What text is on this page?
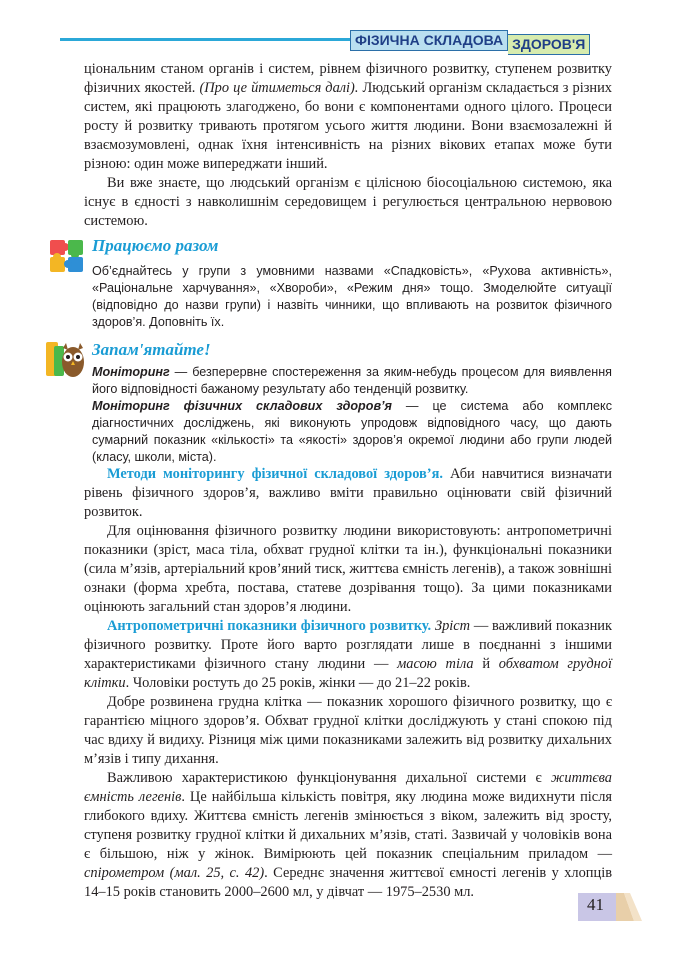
ФІЗИЧНА СКЛАДОВА ЗДОРОВ'Я

ціональним станом органів і систем, рівнем фізичного розвитку, ступенем розвитку фізичних якостей. (Про це йтиметься далі). Людський організм складається з різних систем, які працюють злагоджено, бо вони є компонентами одного цілого. Процеси росту й розвитку тривають протягом усього життя людини. Вони взаємозалежні й взаємозумовлені, однак їхня інтенсивність на різних вікових етапах може бути різною: один може випереджати інший.

Ви вже знаєте, що людський організм є цілісною біосоціальною системою, яка існує в єдності з навколишнім середовищем і регулюється центральною нервовою системою.

Працюємо разом

Об’єднайтесь у групи з умовними назвами «Спадковість», «Рухова активність», «Раціональне харчування», «Хвороби», «Режим дня» тощо. Змоделюйте ситуації (відповідно до назви групи) і назвіть чинники, що впливають на розвиток фізичного здоров’я. Доповніть їх.

Запам'ятайте!

Моніторинг — безперервне спостереження за яким-небудь процесом для виявлення його відповідності бажаному результату або тенденцій розвитку.

Моніторинг фізичних складових здоров’я — це система або комплекс діагностичних досліджень, які виконують упродовж відповідного часу, що дають сумарний показник «кількості» та «якості» здоров’я окремої людини або групи людей (класу, школи, міста).

Методи моніторингу фізичної складової здоров’я. Аби навчитися визначати рівень фізичного здоров’я, важливо вміти правильно оцінювати свій фізичний розвиток.

Для оцінювання фізичного розвитку людини використовують: антропометричні показники (зріст, маса тіла, обхват грудної клітки та ін.), функціональні показники (сила м’язів, артеріальний кров’яний тиск, життєва ємність легенів), а також зовнішні ознаки (форма хребта, постава, статеве дозрівання тощо). За цими показниками оцінюють загальний стан здоров’я людини.

Антропометричні показники фізичного розвитку. Зріст — важливий показник фізичного розвитку. Проте його варто розглядати лише в поєднанні з іншими характеристиками фізичного стану людини — масою тіла й обхватом грудної клітки. Чоловіки ростуть до 25 років, жінки — до 21–22 років.

Добре розвинена грудна клітка — показник хорошого фізичного розвитку, що є гарантією міцного здоров’я. Обхват грудної клітки досліджують у стані спокою під час вдиху й видиху. Різниця між цими показниками залежить від розвитку дихальних м’язів і типу дихання.

Важливою характеристикою функціонування дихальної системи є життєва ємність легенів. Це найбільша кількість повітря, яку людина може видихнути після глибокого вдиху. Життєва ємність легенів змінюється з віком, залежить від зросту, ступеня розвитку грудної клітки й дихальних м’язів, статі. Зазвичай у чоловіків вона є більшою, ніж у жінок. Вимірюють цей показник спеціальним приладом — спірометром (мал. 25, с. 42). Середнє значення життєвої ємності легенів у хлопців 14–15 років становить 2000–2600 мл, у дівчат — 1975–2530 мл.

41
